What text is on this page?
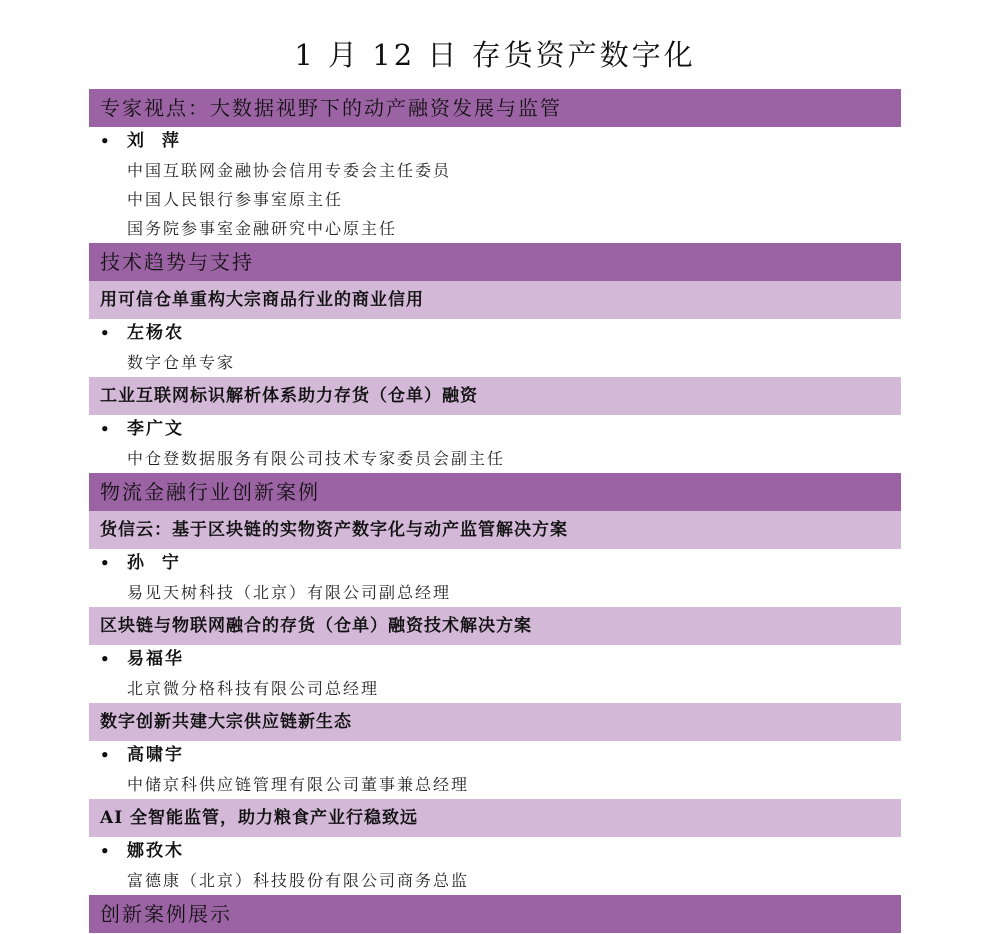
1 月 12 日 存货资产数字化
专家视点：大数据视野下的动产融资发展与监管
• 刘  萍
中国互联网金融协会信用专委会主任委员
中国人民银行参事室原主任
国务院参事室金融研究中心原主任
技术趋势与支持
用可信仓单重构大宗商品行业的商业信用
• 左杨农
数字仓单专家
工业互联网标识解析体系助力存货（仓单）融资
• 李广文
中仓登数据服务有限公司技术专家委员会副主任
物流金融行业创新案例
货信云：基于区块链的实物资产数字化与动产监管解决方案
• 孙  宁
易见天树科技（北京）有限公司副总经理
区块链与物联网融合的存货（仓单）融资技术解决方案
• 易福华
北京微分格科技有限公司总经理
数字创新共建大宗供应链新生态
• 高啸宇
中储京科供应链管理有限公司董事兼总经理
AI 全智能监管，助力粮食产业行稳致远
• 娜孜木
富德康（北京）科技股份有限公司商务总监
创新案例展示
